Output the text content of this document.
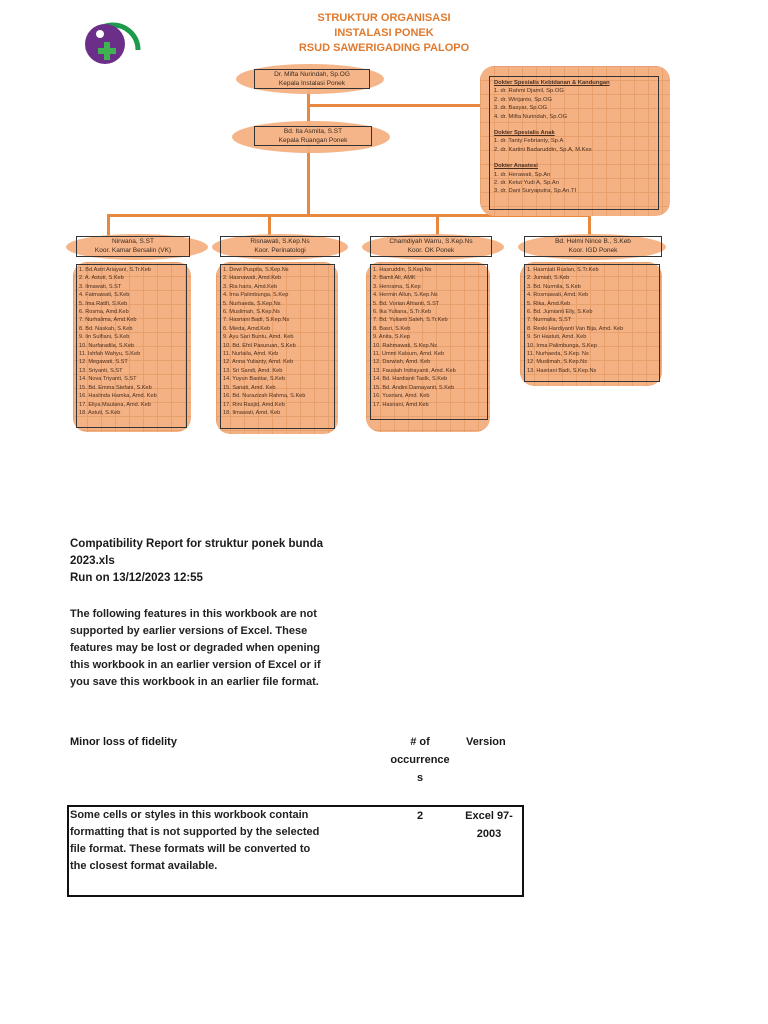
STRUKTUR ORGANISASI
INSTALASI PONEK
RSUD SAWERIGADING PALOPO
Dr. Mifta Nurindah, Sp.OG
Kepala Instalasi Ponek
Bd. Ita Asmita, S.ST
Kepala Ruangan Ponek
Dokter Spesialis Kebidanan & Kandungan
1. dr. Rahmi Djamil, Sp.OG
2. dr. Wirijanto, Sp.OG
3. dr. Basyar, Sp.OG
4. dr. Mifta Nurindah, Sp.OG
Dokter Spesialis Anak
1. dr. Tanty Febrianty, Sp.A
2. dr. Kartini Badaruddin, Sp.A, M.Kes
Dokter Anastesi
1. dr. Herawati, Sp.An
2. dr. Ketut Yudi A, Sp.An
3. dr. Dani Suryaputra, Sp.An.TI
Nirwana, S.ST
Koor. Kamar Bersalin (VK)
1. Bd.Astri Ariayani, S.Tr.Keb
2. A. Astuti, S.Keb
3. Ilmawati, S.ST
4. Fatmawati, S.Keb
5. Ima Ratifi, S.Keb
6. Rosma, Amd.Keb
7. Nurhalima, Amd.Keb
8. Bd. Naskah, S.Keb
9. Iin Sulfiani, S.Keb
10. Nurfaradila, S.Keb
11. Ishfah Wahyu, S.Keb
12. Megawati, S.ST
13. Sriyanti, S.ST
14. Nova Triyanti, S.ST
15. Bd. Emma Stefani, S.Keb
16. Haslinda Hamka, Amd. Keb
17. Eliya Maulana, Amd. Keb
18. Astuti, S.Keb
Risnawati, S.Kep.Ns
Koor. Perinatologi
1. Dewi Puspita, S.Kep.Ns
2. Hasnawati, Amd.Keb
3. Ria haris, Amd.Keb
4. Irna Palimbunga, S.Kep
5. Nurhaeda, S.Kep.Ns
6. Muslimah, S.Kep.Ns
7. Hasriani Badi, S.Kep.Ns
8. Mieda, Amd.Keb
9. Ayu Sari Buntu, Amd. Keb
10. Bd. Efril Pasuruan, S.Keb
11. Nurlaila, Amd. Keb
12. Anna Yulianty, Amd. Keb
13. Sri Sandi, Amd. Keb
14. Yuyun Baotiar, S.Keb
15. Sariati, Amd. Keb
16. Bd. Nurazizah Rahma, S.Keb
17. Rini Rasjid, Amd.Keb
18. Ilmawati, Amd. Keb
Chamdiyah Warru, S.Kep.Ns
Koor. OK Ponek
1. Hasruddin, S.Kep.Ns
2. Bamli Ali, AMK
3. Henrama, S.Kep
4. Hermin Allun, S.Kep.Ns
5. Bd. Vorian Afrianti, S.ST
6. Ika Yuliana, S.Tr.Keb
7. Bd. Yulianti Saleh, S.Tr.Keb
8. Basri, S.Keb
9. Anita, S.Kep
10. Rahmawati, S.Kep.Ns
11. Ummi Kalsum, Amd. Keb
12. Darwiah, Amd. Keb
13. Fausiah Indrayanti, Amd. Keb
14. Bd. Hardianti Taslk, S.Keb
15. Bd. Andini Damayanti, S.Keb
16. Yusriani, Amd. Keb
17. Hasriani, Amd.Keb
Bd. Helmi Nince B., S.Keb
Koor. IGD Ponek
1. Hasmiati Ruslan, S.Tr.Keb
2. Jumiati, S.Keb
3. Bd. Nurmila, S.Keb
4. Rosmawati, Amd. Keb
5. Rika, Amd.Keb
6. Bd. Jumianti Elly, S.Keb
7. Nurmalia, S.ST
8. Reski Hardiyanti Van Bija, Amd. Keb
9. Sri Hastuti, Amd. Keb
10. Irma Palimbunga, S.Kep
11. Nurhaeda, S.Kep. Ns
12. Muslimah, S.Kep.Ns
13. Hasriani Badi, S.Kep.Ns
Compatibility Report for struktur ponek bunda
2023.xls
Run on 13/12/2023 12:55
The following features in this workbook are not
supported by earlier versions of Excel. These
features may be lost or degraded when opening
this workbook in an earlier version of Excel or if
you save this workbook in an earlier file format.
Minor loss of fidelity	# of
occurrence
s
Version
Some cells or styles in this workbook contain
formatting that is not supported by the selected
file format. These formats will be converted to
the closest format available.
2	Excel 97-
2003
